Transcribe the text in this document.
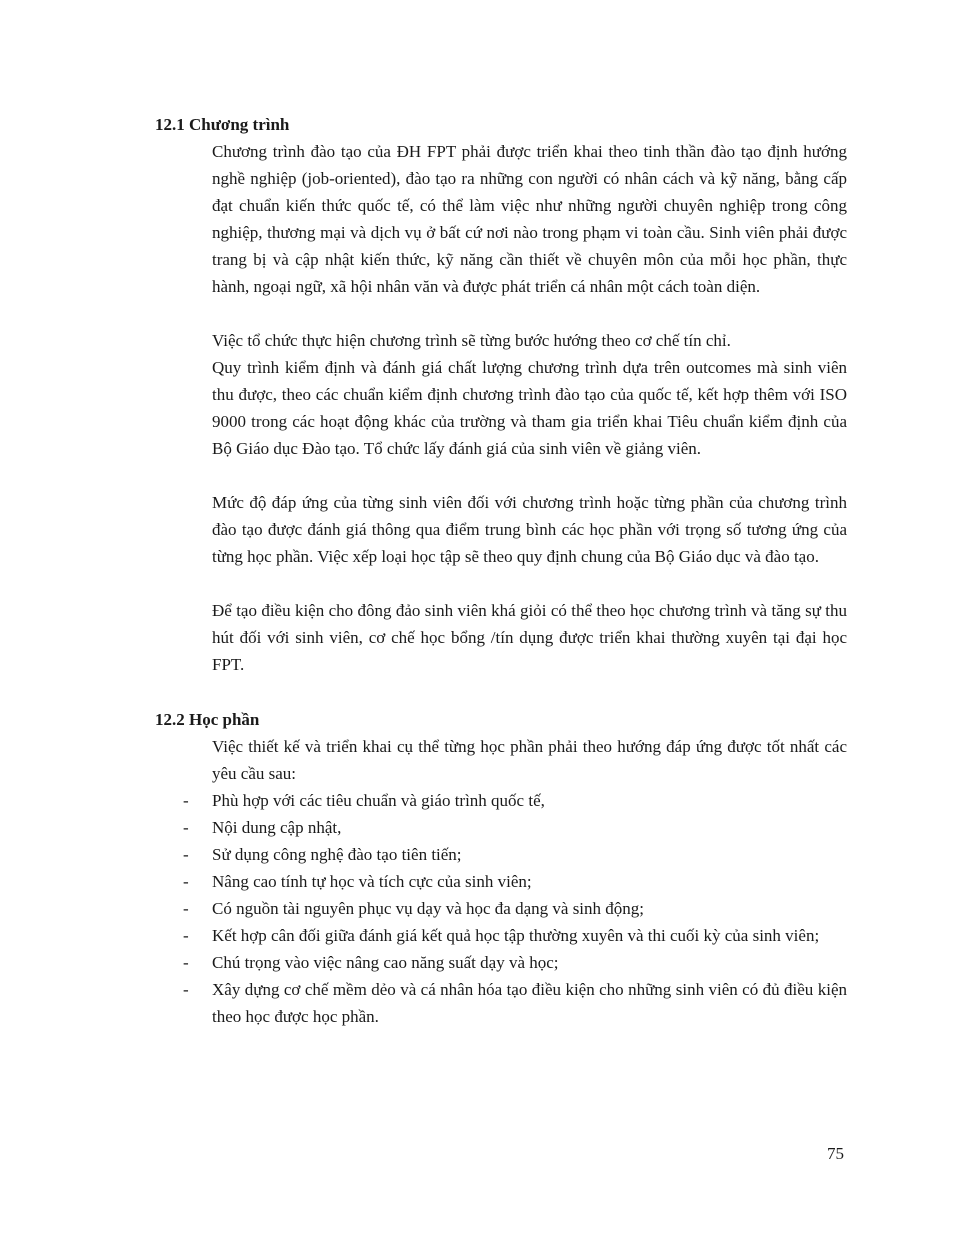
12.1 Chương trình

Chương trình đào tạo của ĐH FPT phải được triển khai theo tinh thần đào tạo định hướng nghề nghiệp (job-oriented), đào tạo ra những con người có nhân cách và kỹ năng, bằng cấp đạt chuẩn kiến thức quốc tế, có thể làm việc như những người chuyên nghiệp trong công nghiệp, thương mại và dịch vụ ở bất cứ nơi nào trong phạm vi toàn cầu. Sinh viên phải được trang bị và cập nhật kiến thức, kỹ năng cần thiết về chuyên môn của mỗi học phần, thực hành, ngoại ngữ, xã hội nhân văn và được phát triển cá nhân một cách toàn diện.

Việc tổ chức thực hiện chương trình sẽ từng bước hướng theo cơ chế tín chỉ.

Quy trình kiểm định và đánh giá chất lượng chương trình dựa trên outcomes mà sinh viên thu được, theo các chuẩn kiểm định chương trình đào tạo của quốc tế, kết hợp thêm với ISO 9000 trong các hoạt động khác của trường và tham gia triển khai Tiêu chuẩn kiểm định của Bộ Giáo dục Đào tạo. Tổ chức lấy đánh giá của sinh viên về giảng viên.

Mức độ đáp ứng của từng sinh viên đối với chương trình hoặc từng phần của chương trình đào tạo được đánh giá thông qua điểm trung bình các học phần với trọng số tương ứng của từng học phần. Việc xếp loại học tập sẽ theo quy định chung của Bộ Giáo dục và đào tạo.

Để tạo điều kiện cho đông đảo sinh viên khá giỏi có thể theo học chương trình và tăng sự thu hút đối với sinh viên, cơ chế học bổng /tín dụng được triển khai thường xuyên tại đại học FPT.

12.2 Học phần

Việc thiết kế và triển khai cụ thể từng học phần phải theo hướng đáp ứng được tốt nhất các yêu cầu sau:

- Phù hợp với các tiêu chuẩn và giáo trình quốc tế,
- Nội dung cập nhật,
- Sử dụng công nghệ đào tạo tiên tiến;
- Nâng cao tính tự học và tích cực của sinh viên;
- Có nguồn tài nguyên phục vụ dạy và học đa dạng và sinh động;
- Kết hợp cân đối giữa đánh giá kết quả học tập thường xuyên và thi cuối kỳ của sinh viên;
- Chú trọng vào việc nâng cao năng suất dạy và học;
- Xây dựng cơ chế mềm dẻo và cá nhân hóa tạo điều kiện cho những sinh viên có đủ điều kiện theo học được học phần.
75
